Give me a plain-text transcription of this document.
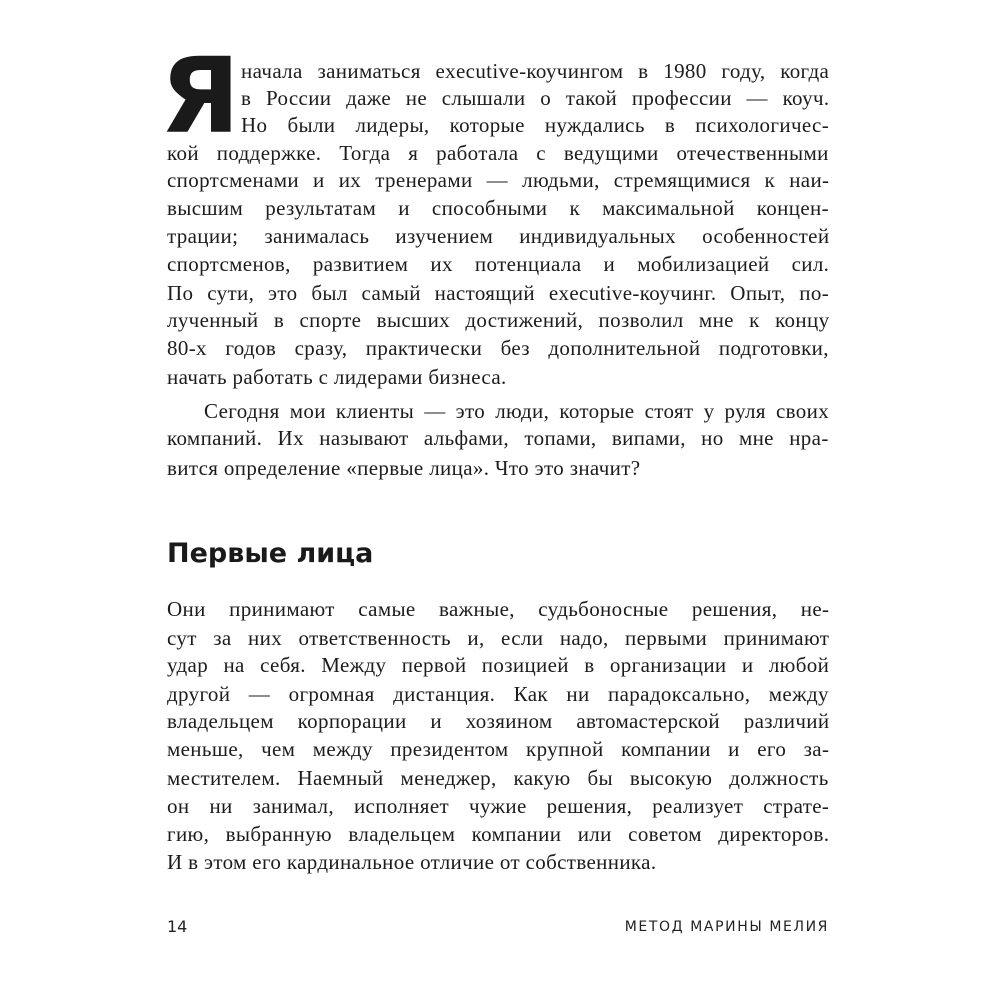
Я начала заниматься executive-коучингом в 1980 году, когда
в России даже не слышали о такой профессии — коуч.
Но были лидеры, которые нуждались в психологичес-
кой поддержке. Тогда я работала с ведущими отечественными
спортсменами и их тренерами — людьми, стремящимися к наи-
высшим результатам и способными к максимальной концен-
трации; занималась изучением индивидуальных особенностей
спортсменов, развитием их потенциала и мобилизацией сил.
По сути, это был самый настоящий executive-коучинг. Опыт, по-
лученный в спорте высших достижений, позволил мне к концу
80-х годов сразу, практически без дополнительной подготовки,
начать работать с лидерами бизнеса.
Сегодня мои клиенты — это люди, которые стоят у руля своих
компаний. Их называют альфами, топами, випами, но мне нра-
вится определение «первые лица». Что это значит?
Первые лица
Они принимают самые важные, судьбоносные решения, не-
сут за них ответственность и, если надо, первыми принимают
удар на себя. Между первой позицией в организации и любой
другой — огромная дистанция. Как ни парадоксально, между
владельцем корпорации и хозяином автомастерской различий
меньше, чем между президентом крупной компании и его за-
местителем. Наемный менеджер, какую бы высокую должность
он ни занимал, исполняет чужие решения, реализует страте-
гию, выбранную владельцем компании или советом директоров.
И в этом его кардинальное отличие от собственника.
14	МЕТОД МАРИНЫ МЕЛИЯ
